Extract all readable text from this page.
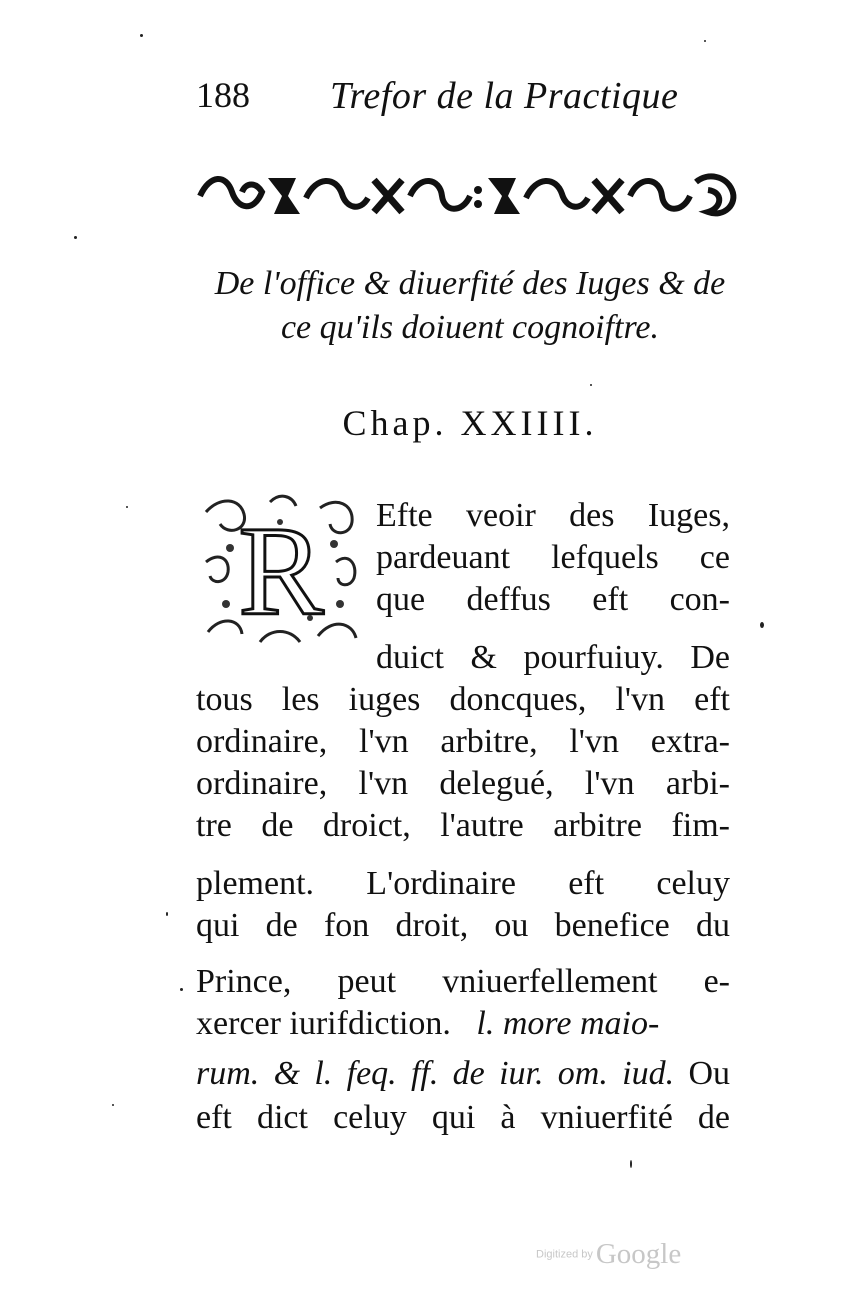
188 Trefor de la Practique
De l'office & diuerfité des Iuges & de
ce qu'ils doiuent cognoiftre.
Chap. XXIIII.
R Efte veoir des Iuges,
pardeuant lefquels ce
que deffus eft con-
duict & pourfuiuy. De
tous les iuges doncques, l'vn eft
ordinaire, l'vn arbitre, l'vn extra-
ordinaire, l'vn delegué, l'vn arbi-
tre de droict, l'autre arbitre fim-
plement. L'ordinaire eft celuy
qui de fon droit, ou benefice du
Prince, peut vniuerfellement e-
xercer iurifdiction. l. more maio-
rum. & l. feq. ff. de iur. om. iud. Ou
eft dict celuy qui à vniuerfité de
Digitized by Google
